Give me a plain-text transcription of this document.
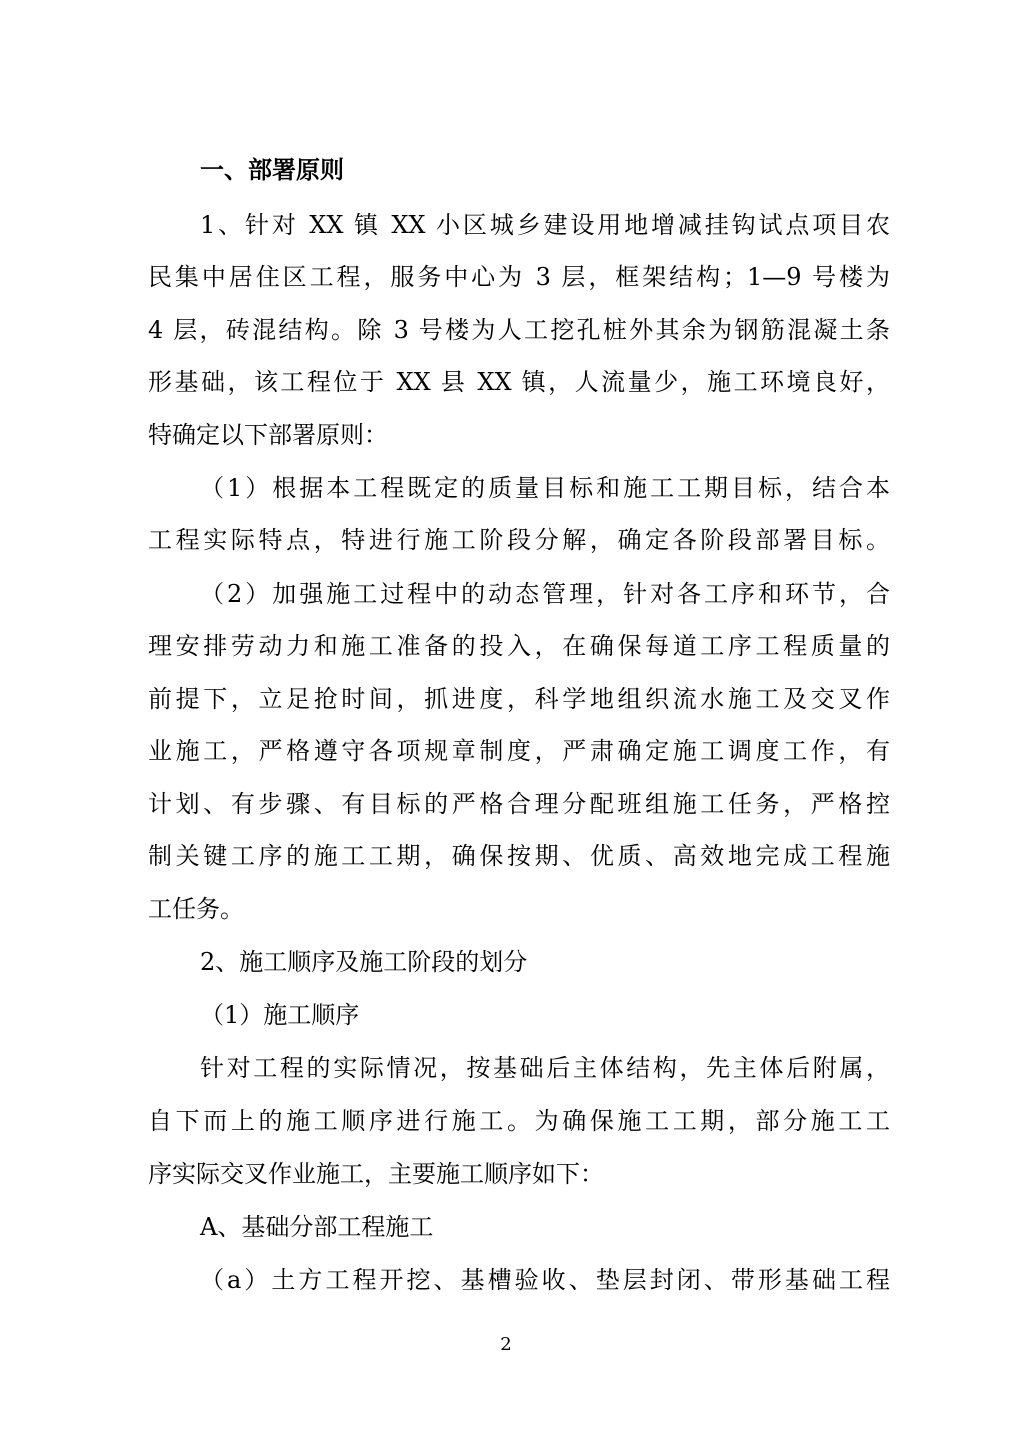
一、部署原则
1、针对 XX 镇 XX 小区城乡建设用地增减挂钩试点项目农
民集中居住区工程，服务中心为 3 层，框架结构；1—9 号楼为
4 层，砖混结构。除 3 号楼为人工挖孔桩外其余为钢筋混凝土条
形基础，该工程位于 XX 县 XX 镇，人流量少，施工环境良好，
特确定以下部署原则：
（1）根据本工程既定的质量目标和施工工期目标，结合本
工程实际特点，特进行施工阶段分解，确定各阶段部署目标。
（2）加强施工过程中的动态管理，针对各工序和环节，合
理安排劳动力和施工准备的投入，在确保每道工序工程质量的
前提下，立足抢时间，抓进度，科学地组织流水施工及交叉作
业施工，严格遵守各项规章制度，严肃确定施工调度工作，有
计划、有步骤、有目标的严格合理分配班组施工任务，严格控
制关键工序的施工工期，确保按期、优质、高效地完成工程施
工任务。
2、施工顺序及施工阶段的划分
（1）施工顺序
针对工程的实际情况，按基础后主体结构，先主体后附属，
自下而上的施工顺序进行施工。为确保施工工期，部分施工工
序实际交叉作业施工，主要施工顺序如下：
A、基础分部工程施工
（a）土方工程开挖、基槽验收、垫层封闭、带形基础工程
2
